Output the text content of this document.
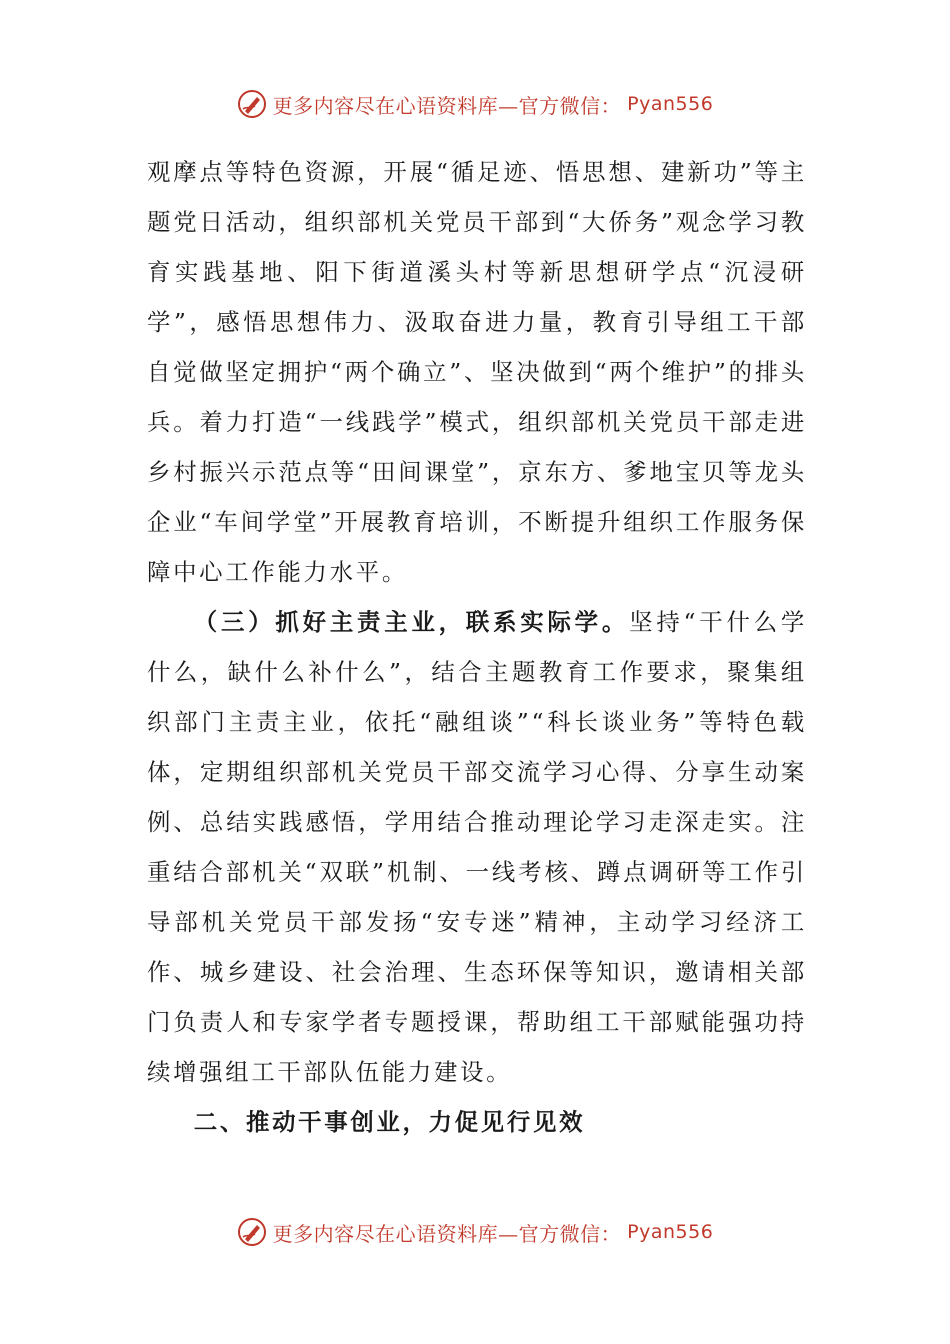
更多内容尽在心语资料库—官方微信： Pyan556

观摩点等特色资源，开展“循足迹、悟思想、建新功”等主题党日活动，组织部机关党员干部到“大侨务”观念学习教育实践基地、阳下街道溪头村等新思想研学点“沉浸研学”，感悟思想伟力、汲取奋进力量，教育引导组工干部自觉做坚定拥护“两个确立”、坚决做到“两个维护”的排头兵。着力打造“一线践学”模式，组织部机关党员干部走进乡村振兴示范点等“田间课堂”，京东方、爹地宝贝等龙头企业“车间学堂”开展教育培训，不断提升组织工作服务保障中心工作能力水平。

（三）抓好主责主业，联系实际学。坚持“干什么学什么，缺什么补什么”，结合主题教育工作要求，聚集组织部门主责主业，依托“融组谈”“科长谈业务”等特色载体，定期组织部机关党员干部交流学习心得、分享生动案例、总结实践感悟，学用结合推动理论学习走深走实。注重结合部机关“双联”机制、一线考核、蹲点调研等工作引导部机关党员干部发扬“安专迷”精神，主动学习经济工作、城乡建设、社会治理、生态环保等知识，邀请相关部门负责人和专家学者专题授课，帮助组工干部赋能强功持续增强组工干部队伍能力建设。

二、推动干事创业，力促见行见效

更多内容尽在心语资料库—官方微信： Pyan556
